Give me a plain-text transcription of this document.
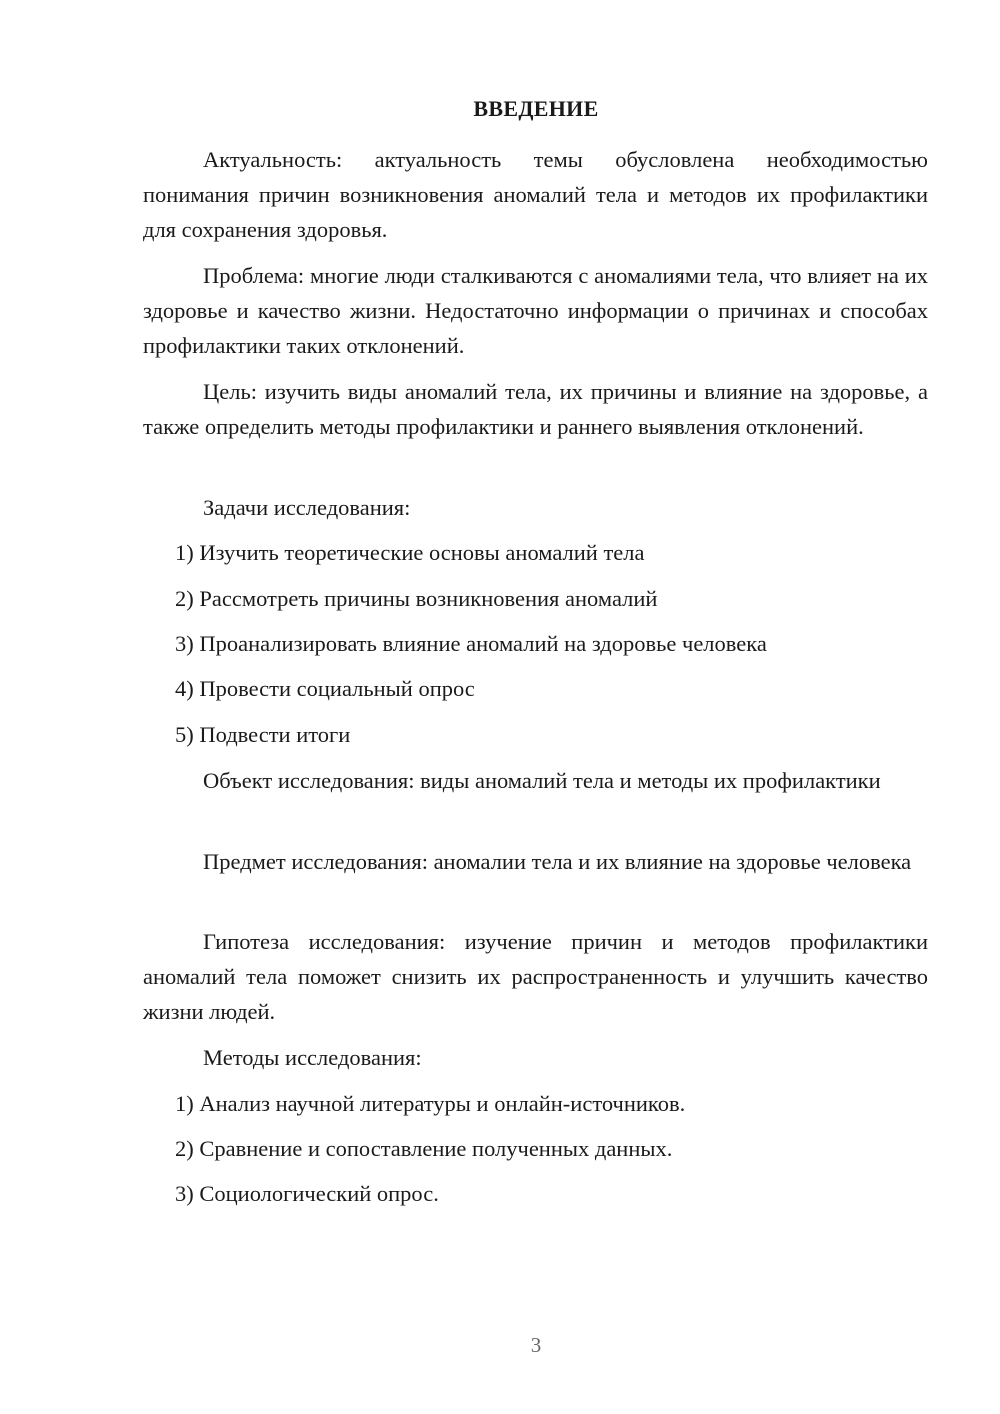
ВВЕДЕНИЕ

Актуальность: актуальность темы обусловлена необходимостью понимания причин возникновения аномалий тела и методов их профилактики для сохранения здоровья.

Проблема: многие люди сталкиваются с аномалиями тела, что влияет на их здоровье и качество жизни. Недостаточно информации о причинах и способах профилактики таких отклонений.

Цель: изучить виды аномалий тела, их причины и влияние на здоровье, а также определить методы профилактики и раннего выявления отклонений.

Задачи исследования:

1) Изучить теоретические основы аномалий тела
2) Рассмотреть причины возникновения аномалий
3) Проанализировать влияние аномалий на здоровье человека
4) Провести социальный опрос
5) Подвести итоги

Объект исследования: виды аномалий тела и методы их профилактики

Предмет исследования: аномалии тела и их влияние на здоровье человека

Гипотеза исследования: изучение причин и методов профилактики аномалий тела поможет снизить их распространенность и улучшить качество жизни людей.

Методы исследования:

1) Анализ научной литературы и онлайн-источников.
2) Сравнение и сопоставление полученных данных.
3) Социологический опрос.
3
